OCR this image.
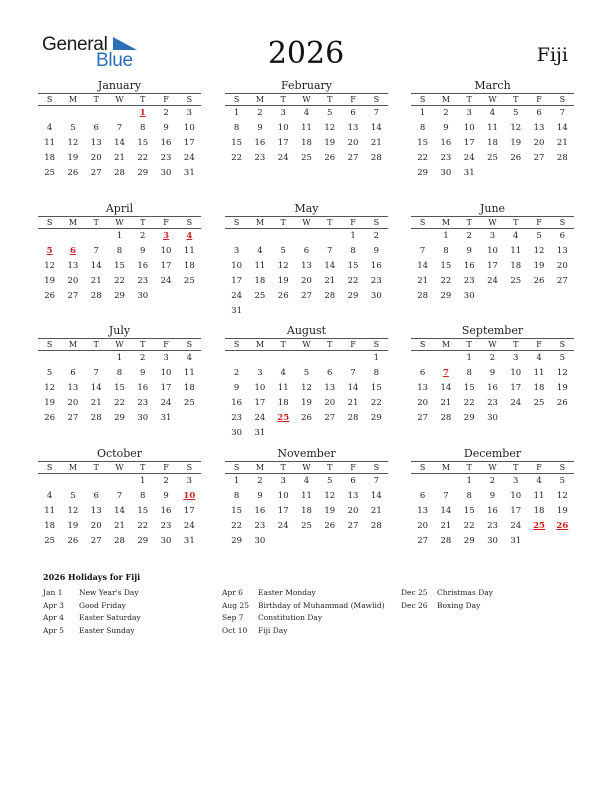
General
Blue	2026	Fiji
January
S	M	T	W	T	F	S
				1	2	3
4	5	6	7	8	9	10
11	12	13	14	15	16	17
18	19	20	21	22	23	24
25	26	27	28	29	30	31
February
S	M	T	W	T	F	S
1	2	3	4	5	6	7
8	9	10	11	12	13	14
15	16	17	18	19	20	21
22	23	24	25	26	27	28
March
S	M	T	W	T	F	S
1	2	3	4	5	6	7
8	9	10	11	12	13	14
15	16	17	18	19	20	21
22	23	24	25	26	27	28
29	30	31				
April
S	M	T	W	T	F	S
			1	2	3	4
5	6	7	8	9	10	11
12	13	14	15	16	17	18
19	20	21	22	23	24	25
26	27	28	29	30		
May
S	M	T	W	T	F	S
					1	2
3	4	5	6	7	8	9
10	11	12	13	14	15	16
17	18	19	20	21	22	23
24	25	26	27	28	29	30
31						
June
S	M	T	W	T	F	S
	1	2	3	4	5	6
7	8	9	10	11	12	13
14	15	16	17	18	19	20
21	22	23	24	25	26	27
28	29	30				
July
S	M	T	W	T	F	S
			1	2	3	4
5	6	7	8	9	10	11
12	13	14	15	16	17	18
19	20	21	22	23	24	25
26	27	28	29	30	31	
August
S	M	T	W	T	F	S
						1
2	3	4	5	6	7	8
9	10	11	12	13	14	15
16	17	18	19	20	21	22
23	24	25	26	27	28	29
30	31					
September
S	M	T	W	T	F	S
		1	2	3	4	5
6	7	8	9	10	11	12
13	14	15	16	17	18	19
20	21	22	23	24	25	26
27	28	29	30			
October
S	M	T	W	T	F	S
				1	2	3
4	5	6	7	8	9	10
11	12	13	14	15	16	17
18	19	20	21	22	23	24
25	26	27	28	29	30	31
November
S	M	T	W	T	F	S
1	2	3	4	5	6	7
8	9	10	11	12	13	14
15	16	17	18	19	20	21
22	23	24	25	26	27	28
29	30					
December
S	M	T	W	T	F	S
		1	2	3	4	5
6	7	8	9	10	11	12
13	14	15	16	17	18	19
20	21	22	23	24	25	26
27	28	29	30	31		
2026 Holidays for Fiji
Jan 1 New Year's Day
Apr 3 Good Friday
Apr 4 Easter Saturday
Apr 5 Easter Sunday
Apr 6 Easter Monday
Aug 25 Birthday of Muhammad (Mawlid)
Sep 7 Constitution Day
Oct 10 Fiji Day
Dec 25 Christmas Day
Dec 26 Boxing Day
